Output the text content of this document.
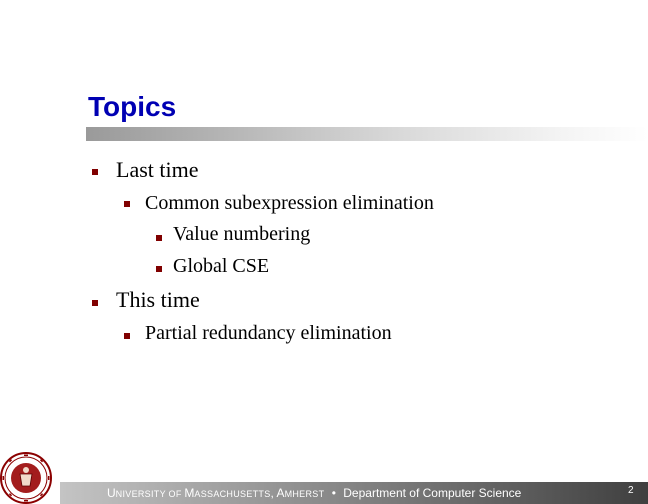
Topics
Last time
Common subexpression elimination
Value numbering
Global CSE
This time
Partial redundancy elimination
UNIVERSITY OF MASSACHUSETTS, AMHERST • Department of Computer Science	2
